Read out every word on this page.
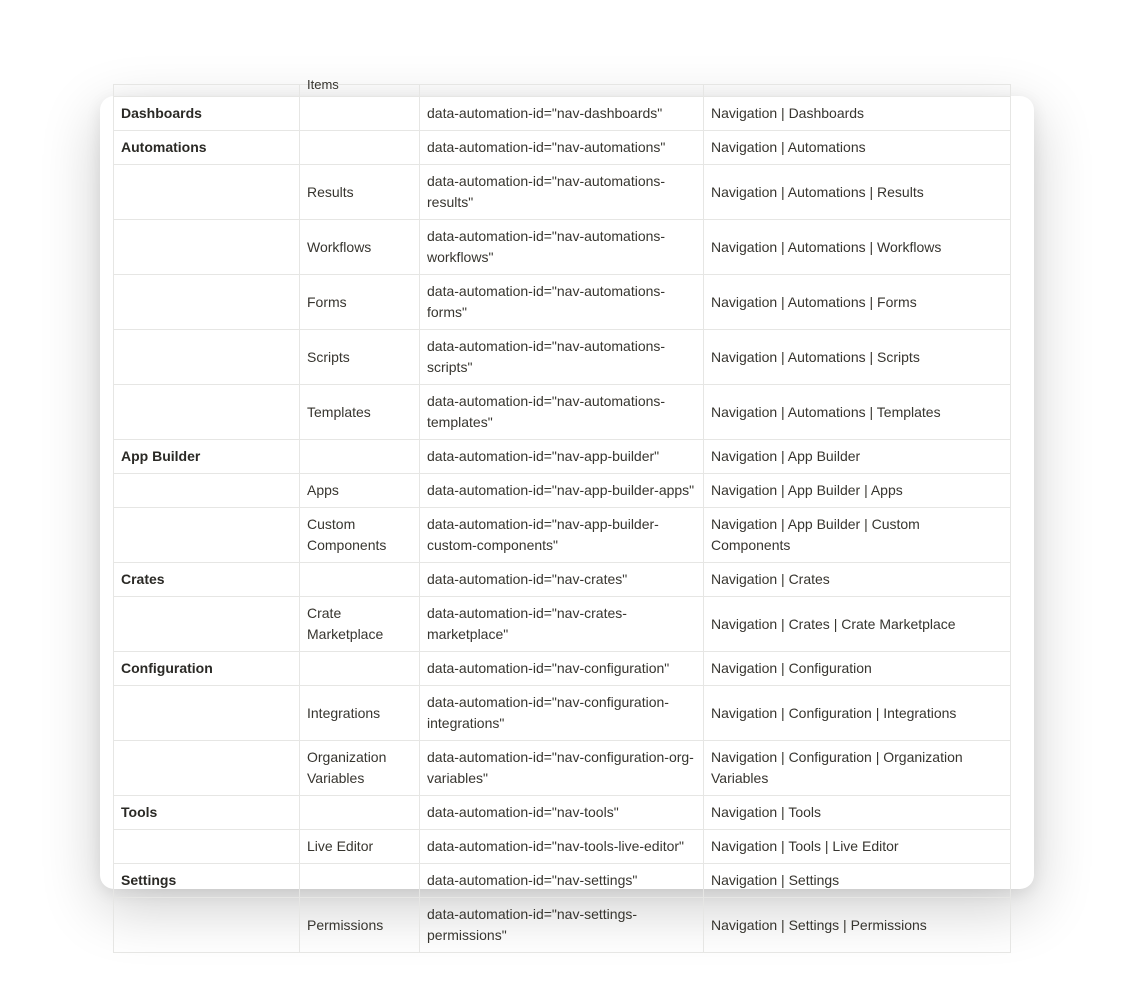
	Items		
Dashboards		data-automation-id="nav-dashboards"	Navigation | Dashboards
Automations		data-automation-id="nav-automations"	Navigation | Automations
	Results	data-automation-id="nav-automations-results"	Navigation | Automations | Results
	Workflows	data-automation-id="nav-automations-workflows"	Navigation | Automations | Workflows
	Forms	data-automation-id="nav-automations-forms"	Navigation | Automations | Forms
	Scripts	data-automation-id="nav-automations-scripts"	Navigation | Automations | Scripts
	Templates	data-automation-id="nav-automations-templates"	Navigation | Automations | Templates
App Builder		data-automation-id="nav-app-builder"	Navigation | App Builder
	Apps	data-automation-id="nav-app-builder-apps"	Navigation | App Builder | Apps
	Custom Components	data-automation-id="nav-app-builder-custom-components"	Navigation | App Builder | Custom Components
Crates		data-automation-id="nav-crates"	Navigation | Crates
	Crate Marketplace	data-automation-id="nav-crates-marketplace"	Navigation | Crates | Crate Marketplace
Configuration		data-automation-id="nav-configuration"	Navigation | Configuration
	Integrations	data-automation-id="nav-configuration-integrations"	Navigation | Configuration | Integrations
	Organization Variables	data-automation-id="nav-configuration-org-variables"	Navigation | Configuration | Organization Variables
Tools		data-automation-id="nav-tools"	Navigation | Tools
	Live Editor	data-automation-id="nav-tools-live-editor"	Navigation | Tools | Live Editor
Settings		data-automation-id="nav-settings"	Navigation | Settings
	Permissions	data-automation-id="nav-settings-permissions"	Navigation | Settings | Permissions
